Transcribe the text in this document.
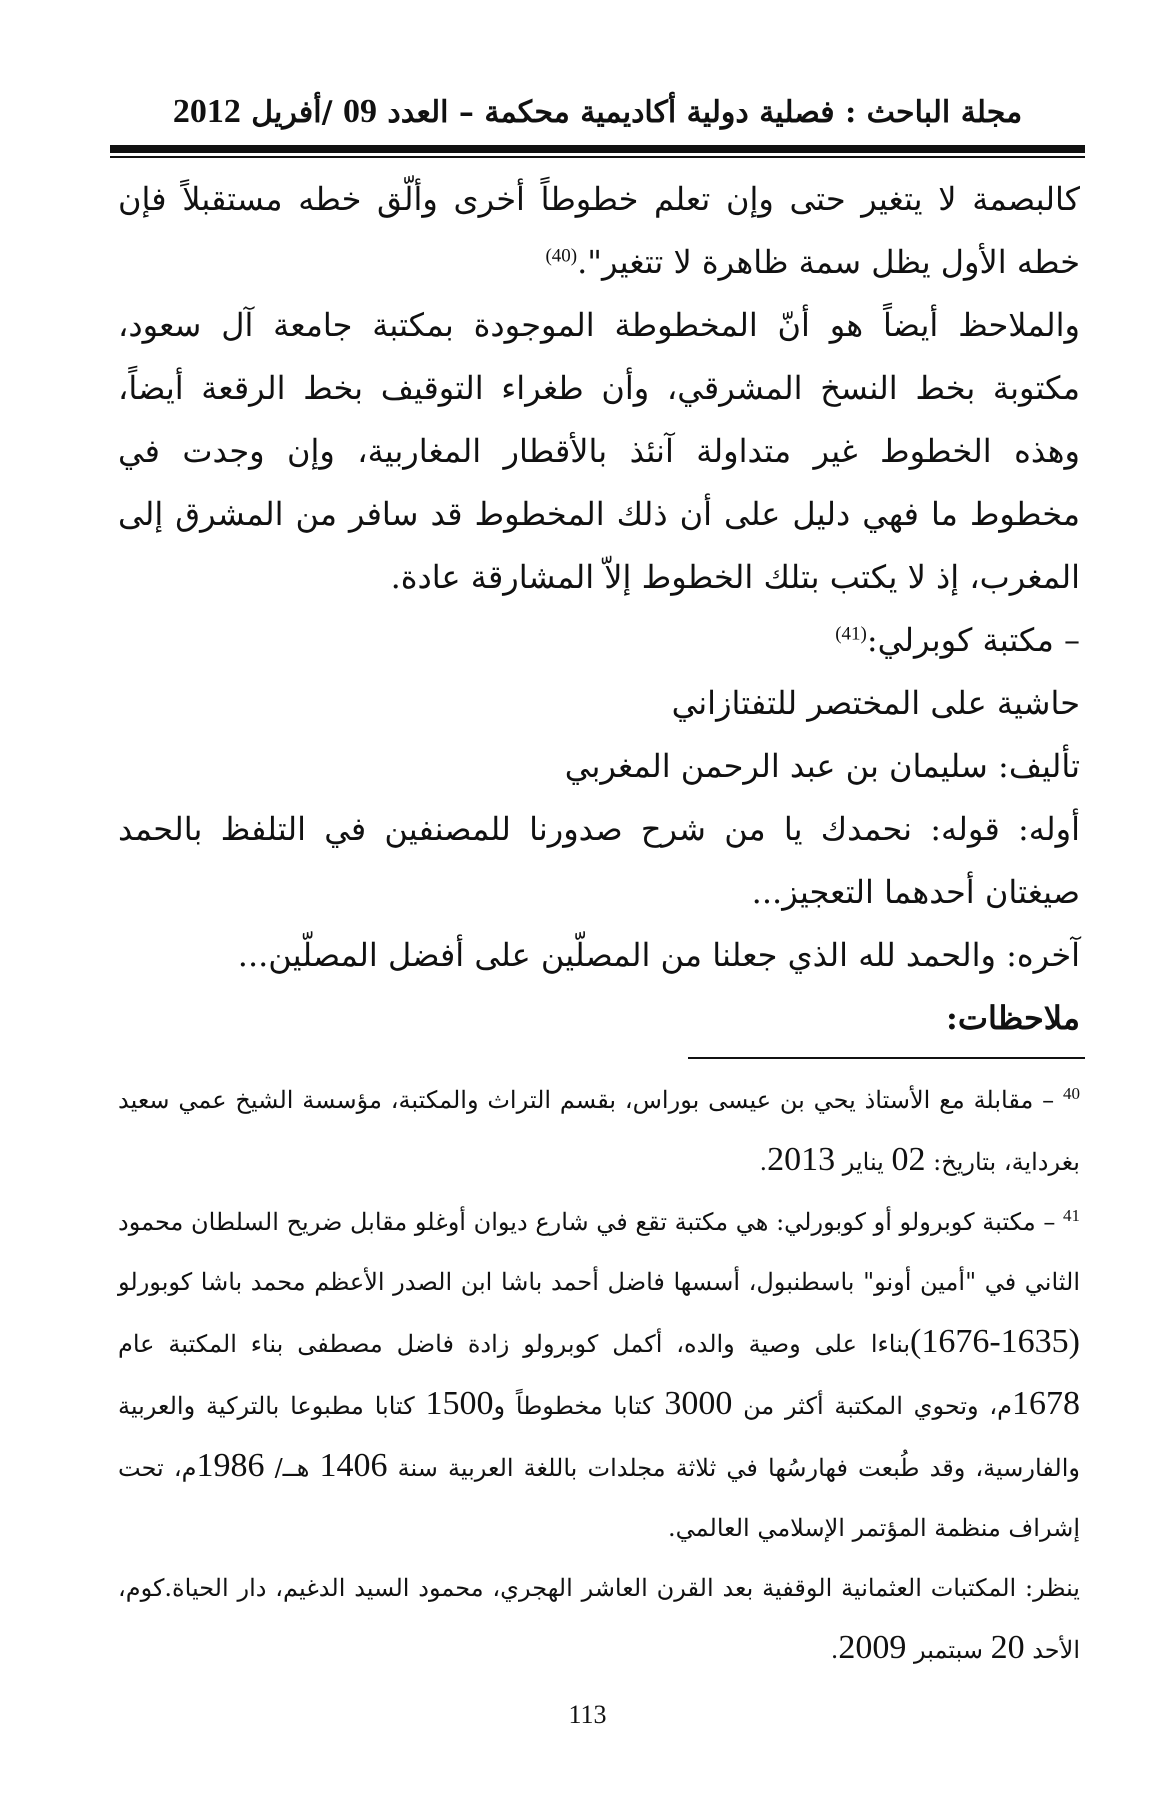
مجلة الباحث : فصلية دولية أكاديمية محكمة – العدد 09 /أفريل 2012

كالبصمة لا يتغير حتى وإن تعلم خطوطاً أخرى وألّق خطه مستقبلاً فإن خطه الأول يظل سمة ظاهرة لا تتغير".$^{(40)}$

والملاحظ أيضاً هو أنّ المخطوطة الموجودة بمكتبة جامعة آل سعود، مكتوبة بخط النسخ المشرقي، وأن طغراء التوقيف بخط الرقعة أيضاً، وهذه الخطوط غير متداولة آنئذ بالأقطار المغاربية، وإن وجدت في مخطوط ما فهي دليل على أن ذلك المخطوط قد سافر من المشرق إلى المغرب، إذ لا يكتب بتلك الخطوط إلاّ المشارقة عادة.

– مكتبة كوبرلي:$^{(41)}$

حاشية على المختصر للتفتازاني

تأليف: سليمان بن عبد الرحمن المغربي

أوله: قوله: نحمدك يا من شرح صدورنا للمصنفين في التلفظ بالحمد صيغتان أحدهما التعجيز...

آخره: والحمد لله الذي جعلنا من المصلّين على أفضل المصلّين...

ملاحظات:

$^{40}$ – مقابلة مع الأستاذ يحي بن عيسى بوراس، بقسم التراث والمكتبة، مؤسسة الشيخ عمي سعيد بغرداية، بتاريخ: 02 يناير 2013.

$^{41}$ – مكتبة كوبرولو أو كوبورلي: هي مكتبة تقع في شارع ديوان أوغلو مقابل ضريح السلطان محمود الثاني في "أمين أونو" باسطنبول، أسسها فاضل أحمد باشا ابن الصدر الأعظم محمد باشا كوبورلو (1676-1635)بناءا على وصية والده، أكمل كوبرولو زادة فاضل مصطفى بناء المكتبة عام 1678م، وتحوي المكتبة أكثر من 3000 كتابا مخطوطاً و1500 كتابا مطبوعا بالتركية والعربية والفارسية، وقد طُبعت فهارسُها في ثلاثة مجلدات باللغة العربية سنة 1406 هــ/ 1986م، تحت إشراف منظمة المؤتمر الإسلامي العالمي.

ينظر: المكتبات العثمانية الوقفية بعد القرن العاشر الهجري، محمود السيد الدغيم، دار الحياة.كوم، الأحد 20 سبتمبر 2009.

113
